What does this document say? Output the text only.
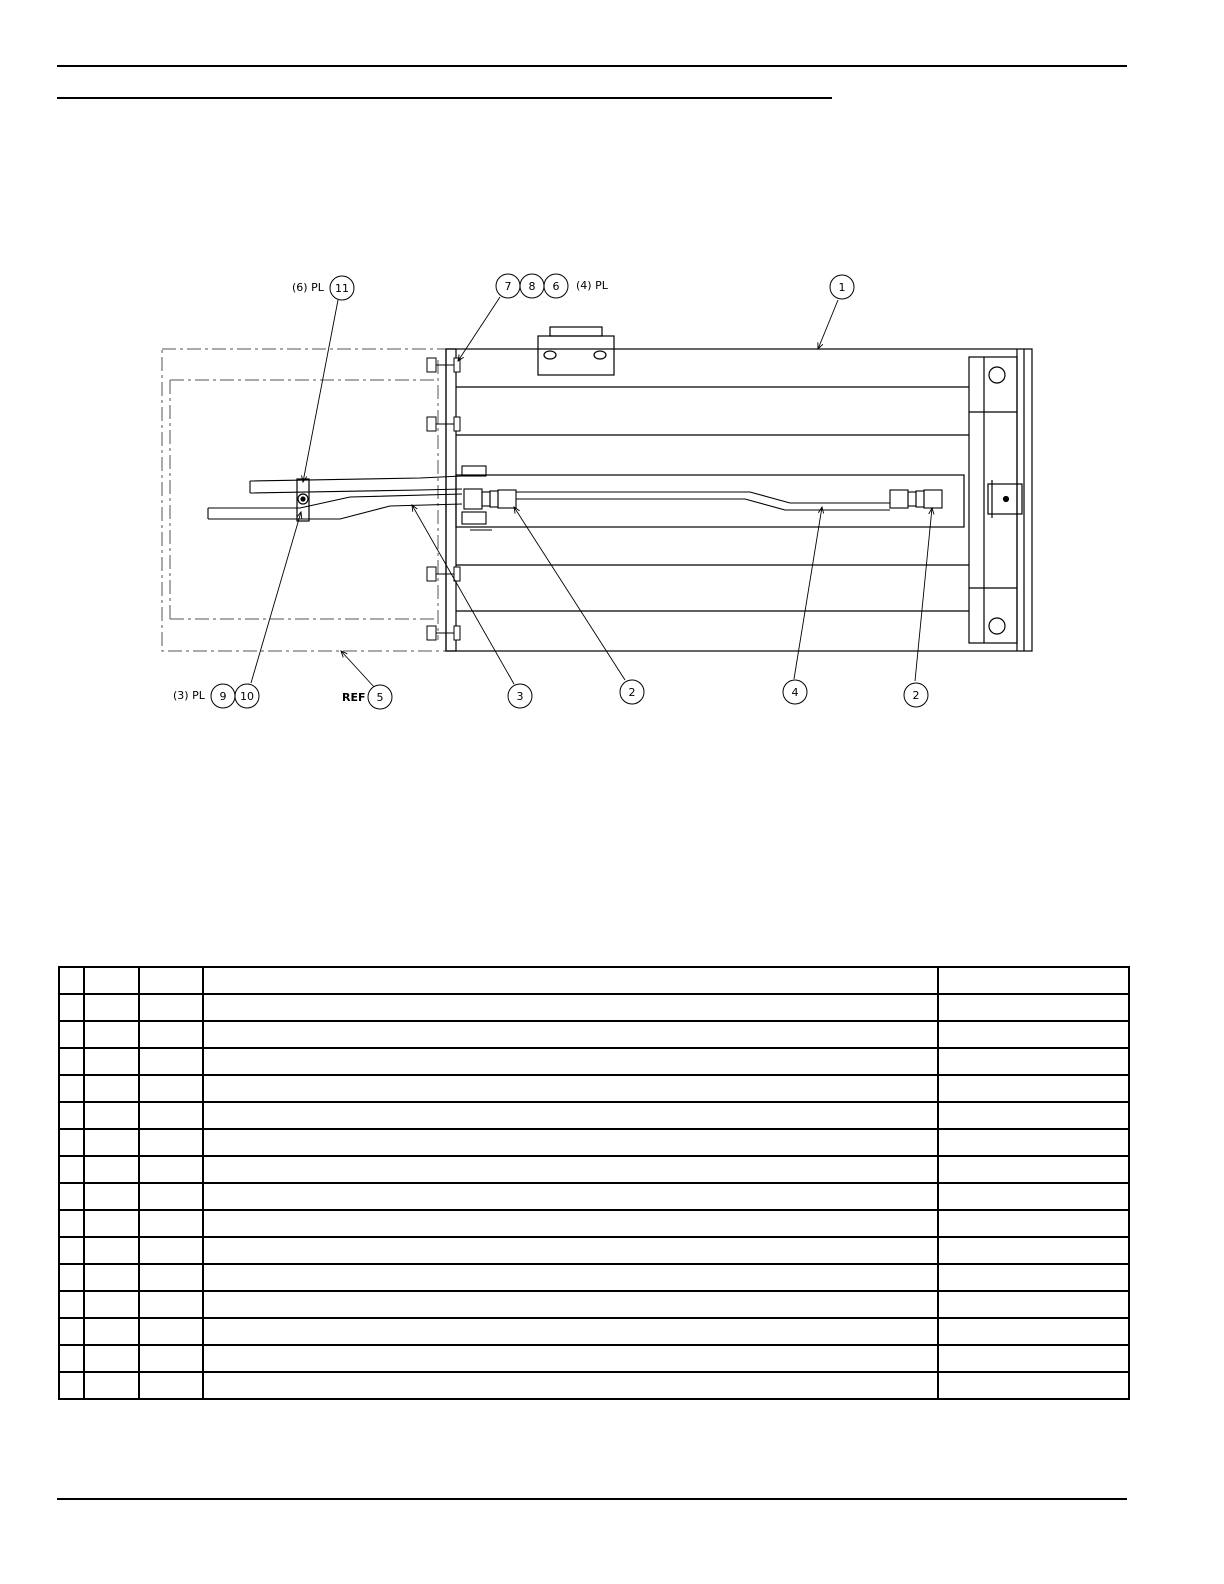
11	7 8 6	1
9 10	5	3	2	4	2
(6) PL	(4) PL
(3) PL	REF
